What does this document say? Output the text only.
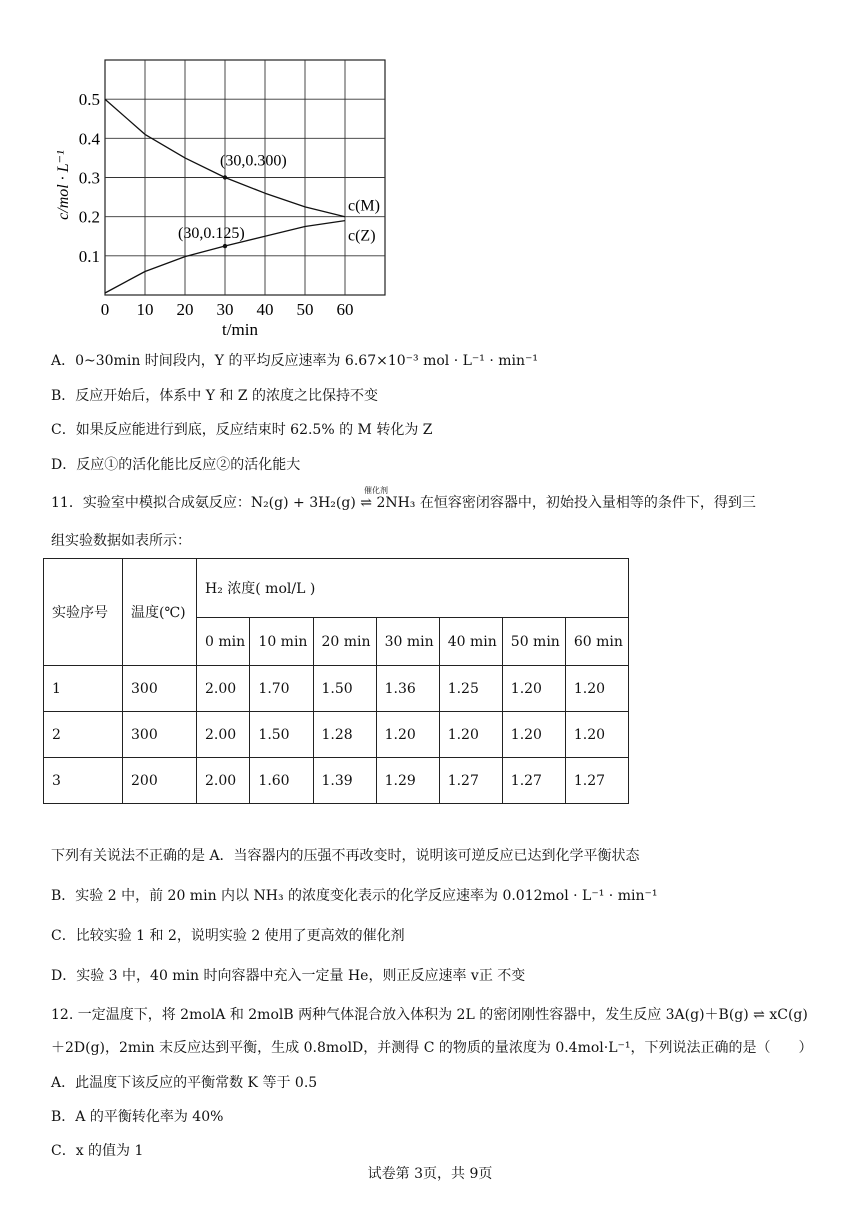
c(M)
c(Z)
(30,0.300)
(30,0.125)
0 10 20 30 40 50 60
0.1
0.2
0.3
0.4
0.5
c/mol · L⁻¹
t/min
A．0~30min 时间段内，Y 的平均反应速率为 6.67×10⁻³ mol · L⁻¹ · min⁻¹
B．反应开始后，体系中 Y 和 Z 的浓度之比保持不变
C．如果反应能进行到底，反应结束时 62.5% 的 M 转化为 Z
D．反应①的活化能比反应②的活化能大
11．实验室中模拟合成氨反应：N₂(g) + 3H₂(g) ⇌ 2NH₃ 在恒容密闭容器中，初始投入量相等的条件下，得到三
催化剂
组实验数据如表所示：
实验序号	温度(℃)	H₂ 浓度( mol/L )						
		0 min	10 min	20 min	30 min	40 min	50 min	60 min
1	300	2.00	1.70	1.50	1.36	1.25	1.20	1.20
2	300	2.00	1.50	1.28	1.20	1.20	1.20	1.20
3	200	2.00	1.60	1.39	1.29	1.27	1.27	1.27
下列有关说法不正确的是 A．当容器内的压强不再改变时，说明该可逆反应已达到化学平衡状态
B．实验 2 中，前 20 min 内以 NH₃ 的浓度变化表示的化学反应速率为 0.012mol · L⁻¹ · min⁻¹
C．比较实验 1 和 2，说明实验 2 使用了更高效的催化剂
D．实验 3 中，40 min 时向容器中充入一定量 He，则正反应速率 v正 不变
12. 一定温度下，将 2molA 和 2molB 两种气体混合放入体积为 2L 的密闭刚性容器中，发生反应 3A(g)＋B(g) ⇌ xC(g)
＋2D(g)，2min 末反应达到平衡，生成 0.8molD，并测得 C 的物质的量浓度为 0.4mol·L⁻¹，下列说法正确的是（　　）
A．此温度下该反应的平衡常数 K 等于 0.5
B．A 的平衡转化率为 40%
C．x 的值为 1
试卷第 3页，共 9页
